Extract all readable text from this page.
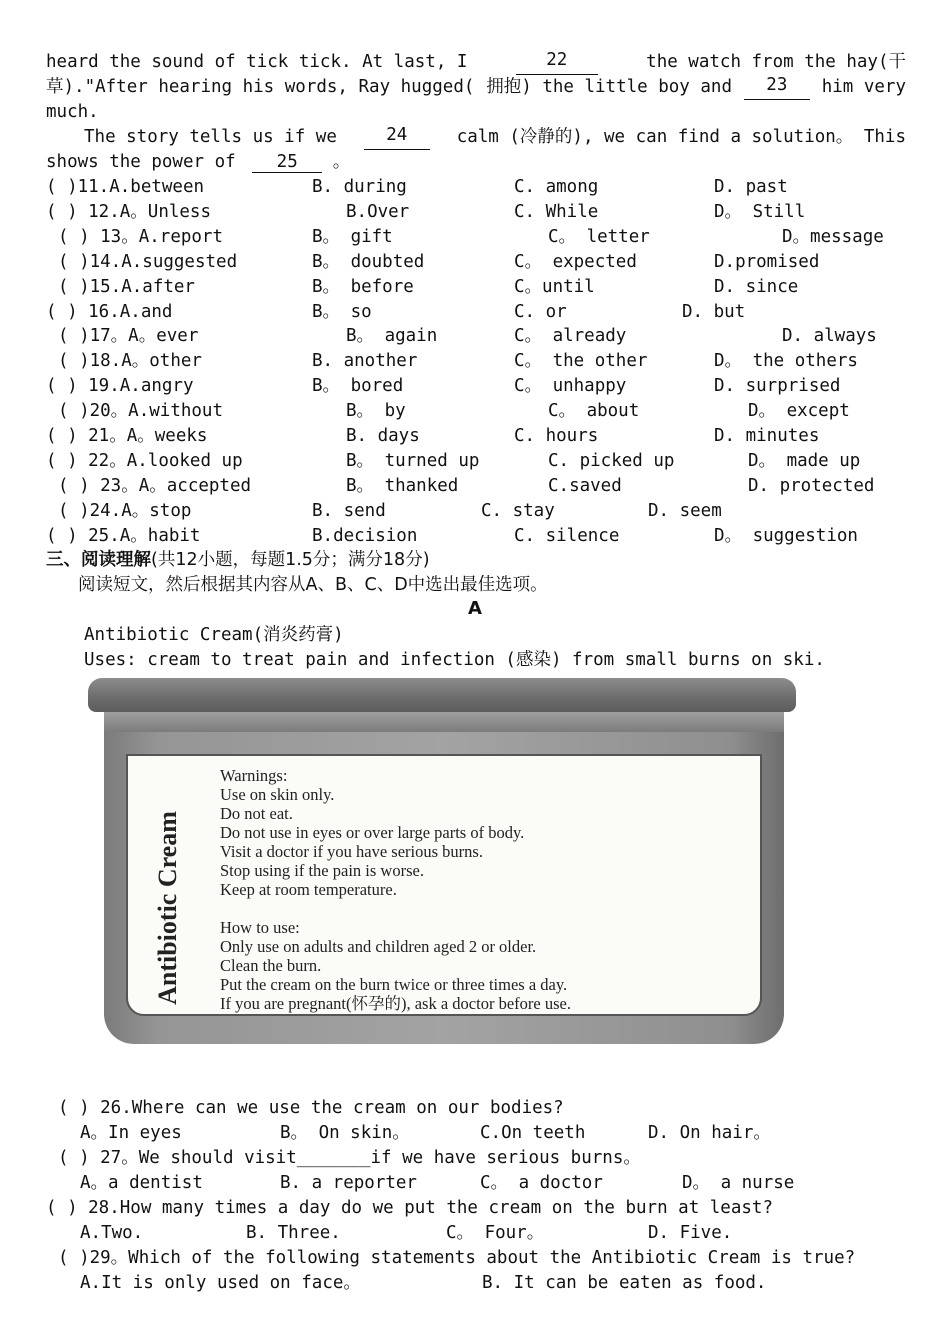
heard the sound of tick tick. At last, I	22	the watch from the hay(干
草)."After hearing his words, Ray hugged( 拥抱) the little boy and	23	him very
much.
The story tells us if we	24	calm (冷静的), we can find a solution。 This
shows the power of 25 。
( )11.A.between	B. during	C. among	D. past
( ) 12.A。Unless	B.Over	C. While	D。 Still
( ) 13。A.report	B。 gift	C。 letter	D。message
( )14.A.suggested	B。 doubted	C。 expected	D.promised
( )15.A.after	B。 before	C。until	D. since
( ) 16.A.and	B。 so	C. or	D. but
( )17。A。ever	B。 again	C。 already	D. always
( )18.A。other	B. another	C。 the other	D。 the others
( ) 19.A.angry	B。 bored	C。 unhappy	D. surprised
( )20。A.without	B。 by	C。 about	D。 except
( ) 21。A。weeks	B. days	C. hours	D. minutes
( ) 22。A.looked up	B。 turned up	C. picked up	D。 made up
( ) 23。A。accepted	B。 thanked	C.saved	D. protected
( )24.A。stop	B. send	C. stay	D. seem
( ) 25.A。habit	B.decision	C. silence	D。 suggestion
三、阅读理解(共12小题，每题1.5分；满分18分)
阅读短文，然后根据其内容从A、B、C、D中选出最佳选项。
A
Antibiotic Cream(消炎药膏)
Uses: cream to treat pain and infection (感染) from small burns on ski.
Antibiotic Cream
Warnings:
Use on skin only.
Do not eat.
Do not use in eyes or over large parts of body.
Visit a doctor if you have serious burns.
Stop using if the pain is worse.
Keep at room temperature.
How to use:
Only use on adults and children aged 2 or older.
Clean the burn.
Put the cream on the burn twice or three times a day.
If you are pregnant(怀孕的), ask a doctor before use.
( ) 26.Where can we use the cream on our bodies?
A。In eyes	B。 On skin。	C.On teeth	D. On hair。
( ) 27。We should visit_______if we have serious burns。
A。a dentist	B. a reporter	C。 a doctor	D。 a nurse
( ) 28.How many times a day do we put the cream on the burn at least?
A.Two.	B. Three.	C。 Four。	D. Five.
( )29。Which of the following statements about the Antibiotic Cream is true?
A.It is only used on face。	B. It can be eaten as food.
